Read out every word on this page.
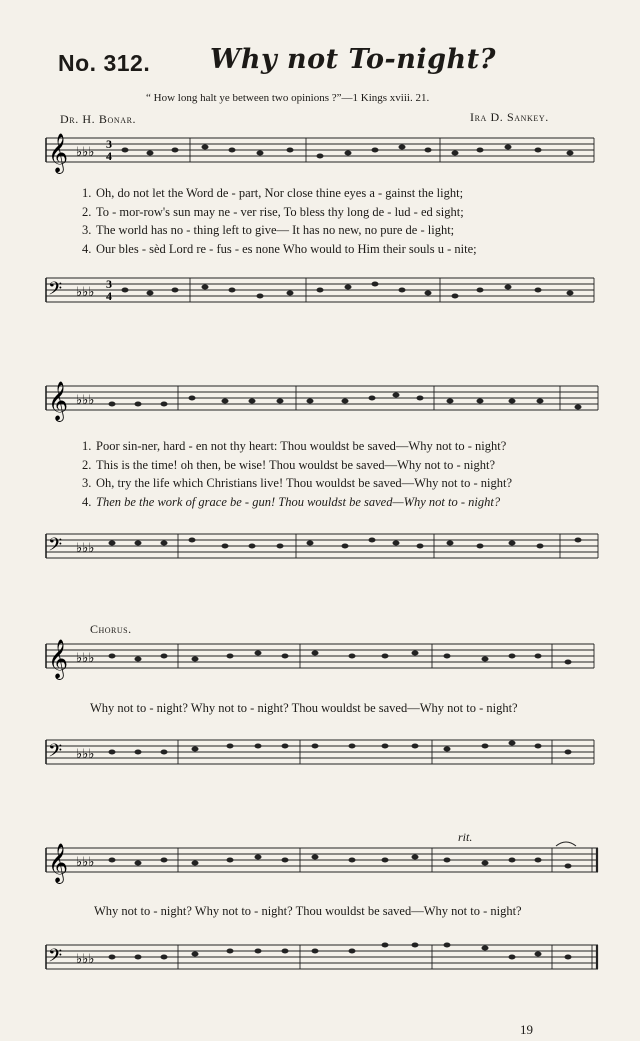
No. 312. Why not To-night?
“ How long halt ye between two opinions ?”—1 Kings xviii. 21.
Dr. H. Bonar.	Ira D. Sankey.
𝄞 ♭♭♭ 3
4
1. Oh, do not let the Word de - part, Nor close thine eyes a - gainst the light;
2. To - mor-row's sun may ne - ver rise, To bless thy long de - lud - ed sight;
3. The world has no - thing left to give— It has no new, no pure de - light;
4. Our bles - sèd Lord re - fus - es none Who would to Him their souls u - nite;
𝄢 ♭♭♭ 3
4
𝄞 ♭♭♭
1. Poor sin-ner, hard - en not thy heart: Thou wouldst be saved—Why not to - night?
2. This is the time! oh then, be wise! Thou wouldst be saved—Why not to - night?
3. Oh, try the life which Christians live! Thou wouldst be saved—Why not to - night?
4. Then be the work of grace be - gun! Thou wouldst be saved—Why not to - night?
𝄢 ♭♭♭
Chorus.
𝄞 ♭♭♭
Why not to - night? Why not to - night? Thou wouldst be saved—Why not to - night?
𝄢 ♭♭♭
rit.
𝄞 ♭♭♭
Why not to - night? Why not to - night? Thou wouldst be saved—Why not to - night?
𝄢 ♭♭♭
19
